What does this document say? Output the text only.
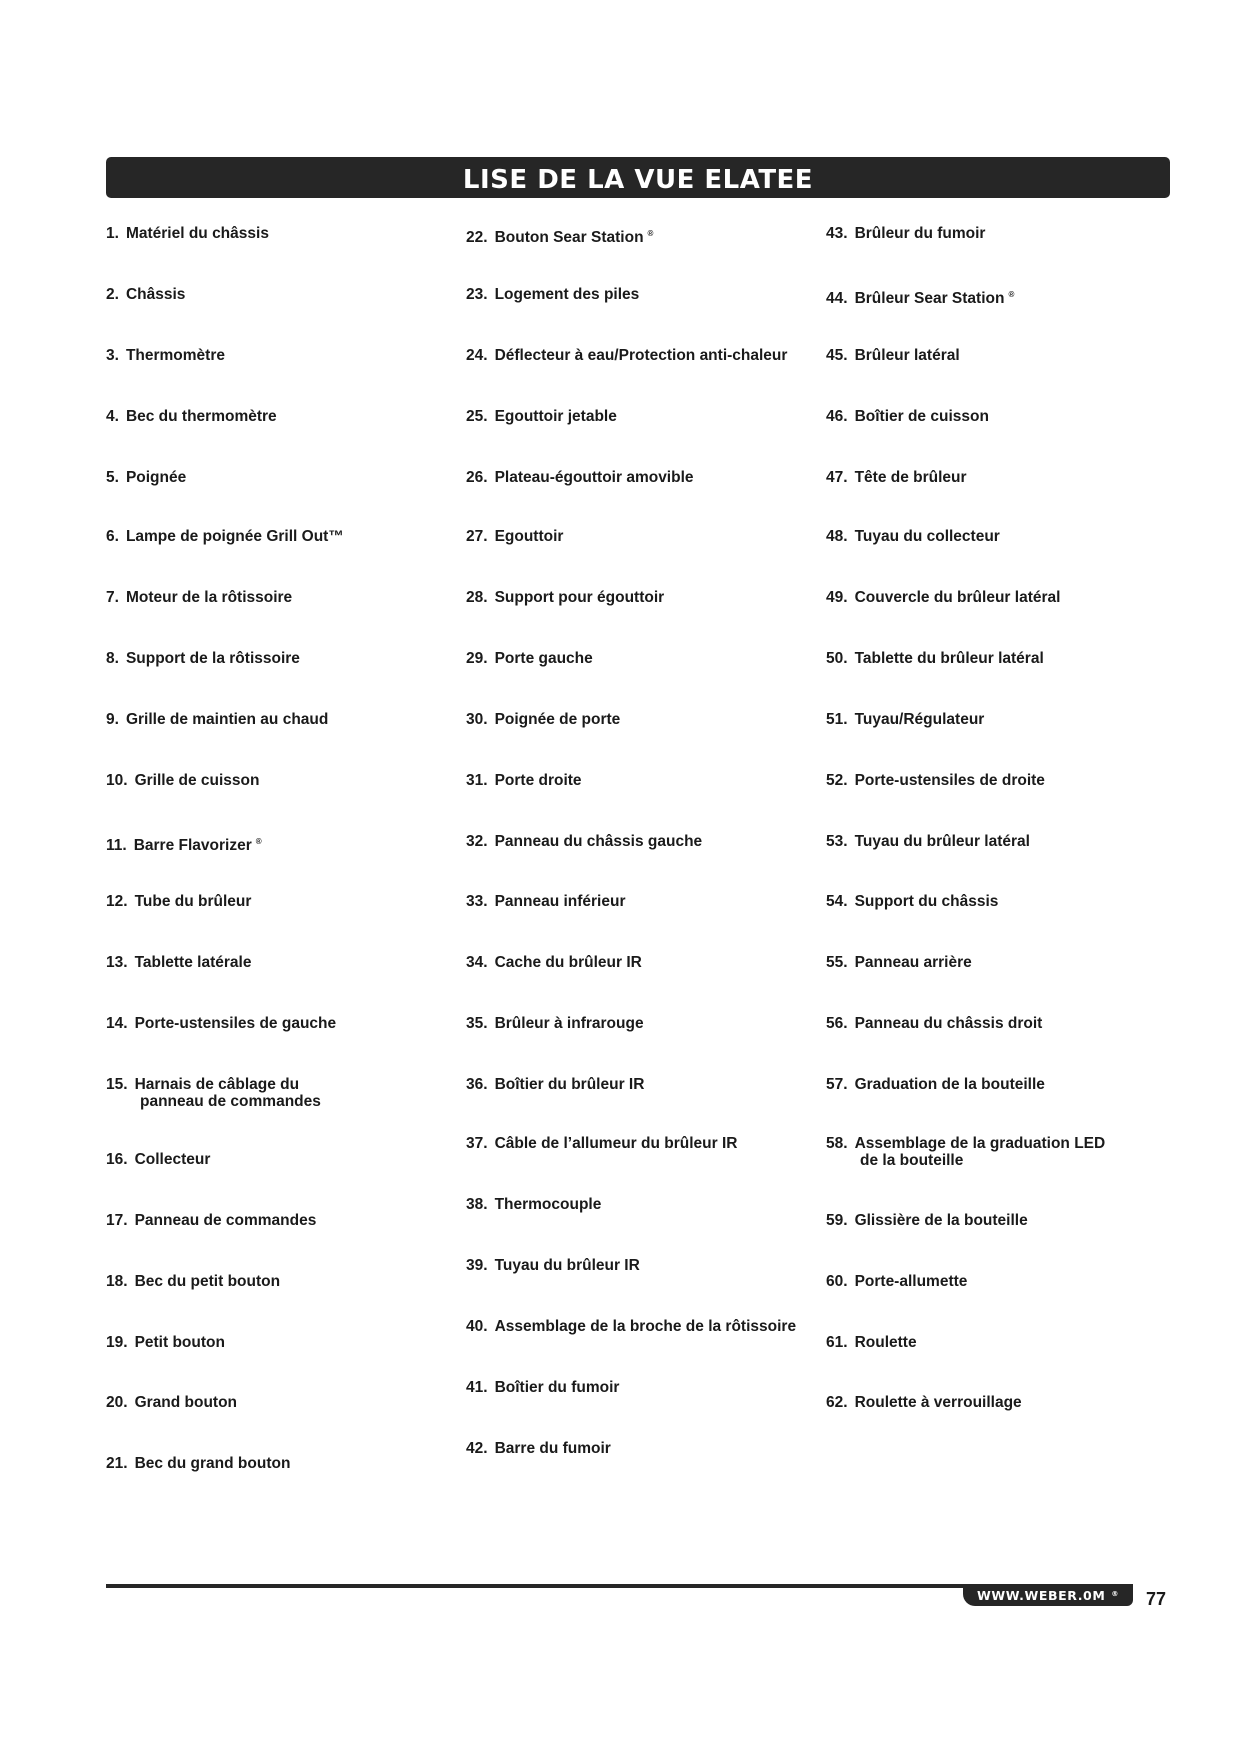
LISE DE LA VUE ELATEE
1. Matériel du châssis
2. Châssis
3. Thermomètre
4. Bec du thermomètre
5. Poignée
6. Lampe de poignée Grill Out™
7. Moteur de la rôtissoire
8. Support de la rôtissoire
9. Grille de maintien au chaud
10. Grille de cuisson
11. Barre Flavorizer ®
12. Tube du brûleur
13. Tablette latérale
14. Porte-ustensiles de gauche
15. Harnais de câblage du
panneau de commandes
16. Collecteur
17. Panneau de commandes
18. Bec du petit bouton
19. Petit bouton
20. Grand bouton
21. Bec du grand bouton
22. Bouton Sear Station ®
23. Logement des piles
24. Déflecteur à eau/Protection anti-chaleur
25. Egouttoir jetable
26. Plateau-égouttoir amovible
27. Egouttoir
28. Support pour égouttoir
29. Porte gauche
30. Poignée de porte
31. Porte droite
32. Panneau du châssis gauche
33. Panneau inférieur
34. Cache du brûleur IR
35. Brûleur à infrarouge
36. Boîtier du brûleur IR
37. Câble de l’allumeur du brûleur IR
38. Thermocouple
39. Tuyau du brûleur IR
40. Assemblage de la broche de la rôtissoire
41. Boîtier du fumoir
42. Barre du fumoir
43. Brûleur du fumoir
44. Brûleur Sear Station ®
45. Brûleur latéral
46. Boîtier de cuisson
47. Tête de brûleur
48. Tuyau du collecteur
49. Couvercle du brûleur latéral
50. Tablette du brûleur latéral
51. Tuyau/Régulateur
52. Porte-ustensiles de droite
53. Tuyau du brûleur latéral
54. Support du châssis
55. Panneau arrière
56. Panneau du châssis droit
57. Graduation de la bouteille
58. Assemblage de la graduation LED
de la bouteille
59. Glissière de la bouteille
60. Porte-allumette
61. Roulette
62. Roulette à verrouillage
WWW.WEBER.0M ® 77
